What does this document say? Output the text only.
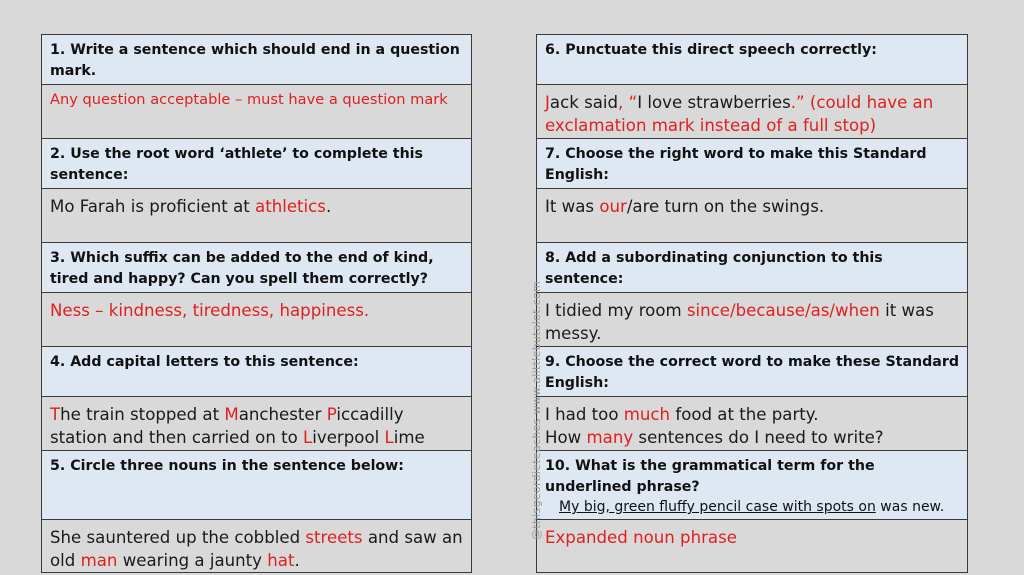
1. Write a sentence which should end in a question mark.
Any question acceptable – must have a question mark
2. Use the root word ‘athlete’ to complete this sentence:
Mo Farah is proficient at athletics.
3. Which suffix can be added to the end of kind, tired and happy? Can you spell them correctly?
Ness – kindness, tiredness, happiness.
4. Add capital letters to this sentence:
The train stopped at Manchester Piccadilly station and then carried on to Liverpool Lime
5. Circle three nouns in the sentence below:
She sauntered up the cobbled streets and saw an old man wearing a jaunty hat.
6. Punctuate this direct speech correctly:
Jack said, “I love strawberries.” (could have an exclamation mark instead of a full stop)
7. Choose the right word to make this Standard English:
It was our/are turn on the swings.
8. Add a subordinating conjunction to this sentence:
I tidied my room since/because/as/when it was messy.
9. Choose the correct word to make these Standard English:
I had too much food at the party.
How many sentences do I need to write?
10. What is the grammatical term for the underlined phrase?
My big, green fluffy pencil case with spots on was new.
Expanded noun phrase
@thisgeordieteaches www.alittlebutalot.com
